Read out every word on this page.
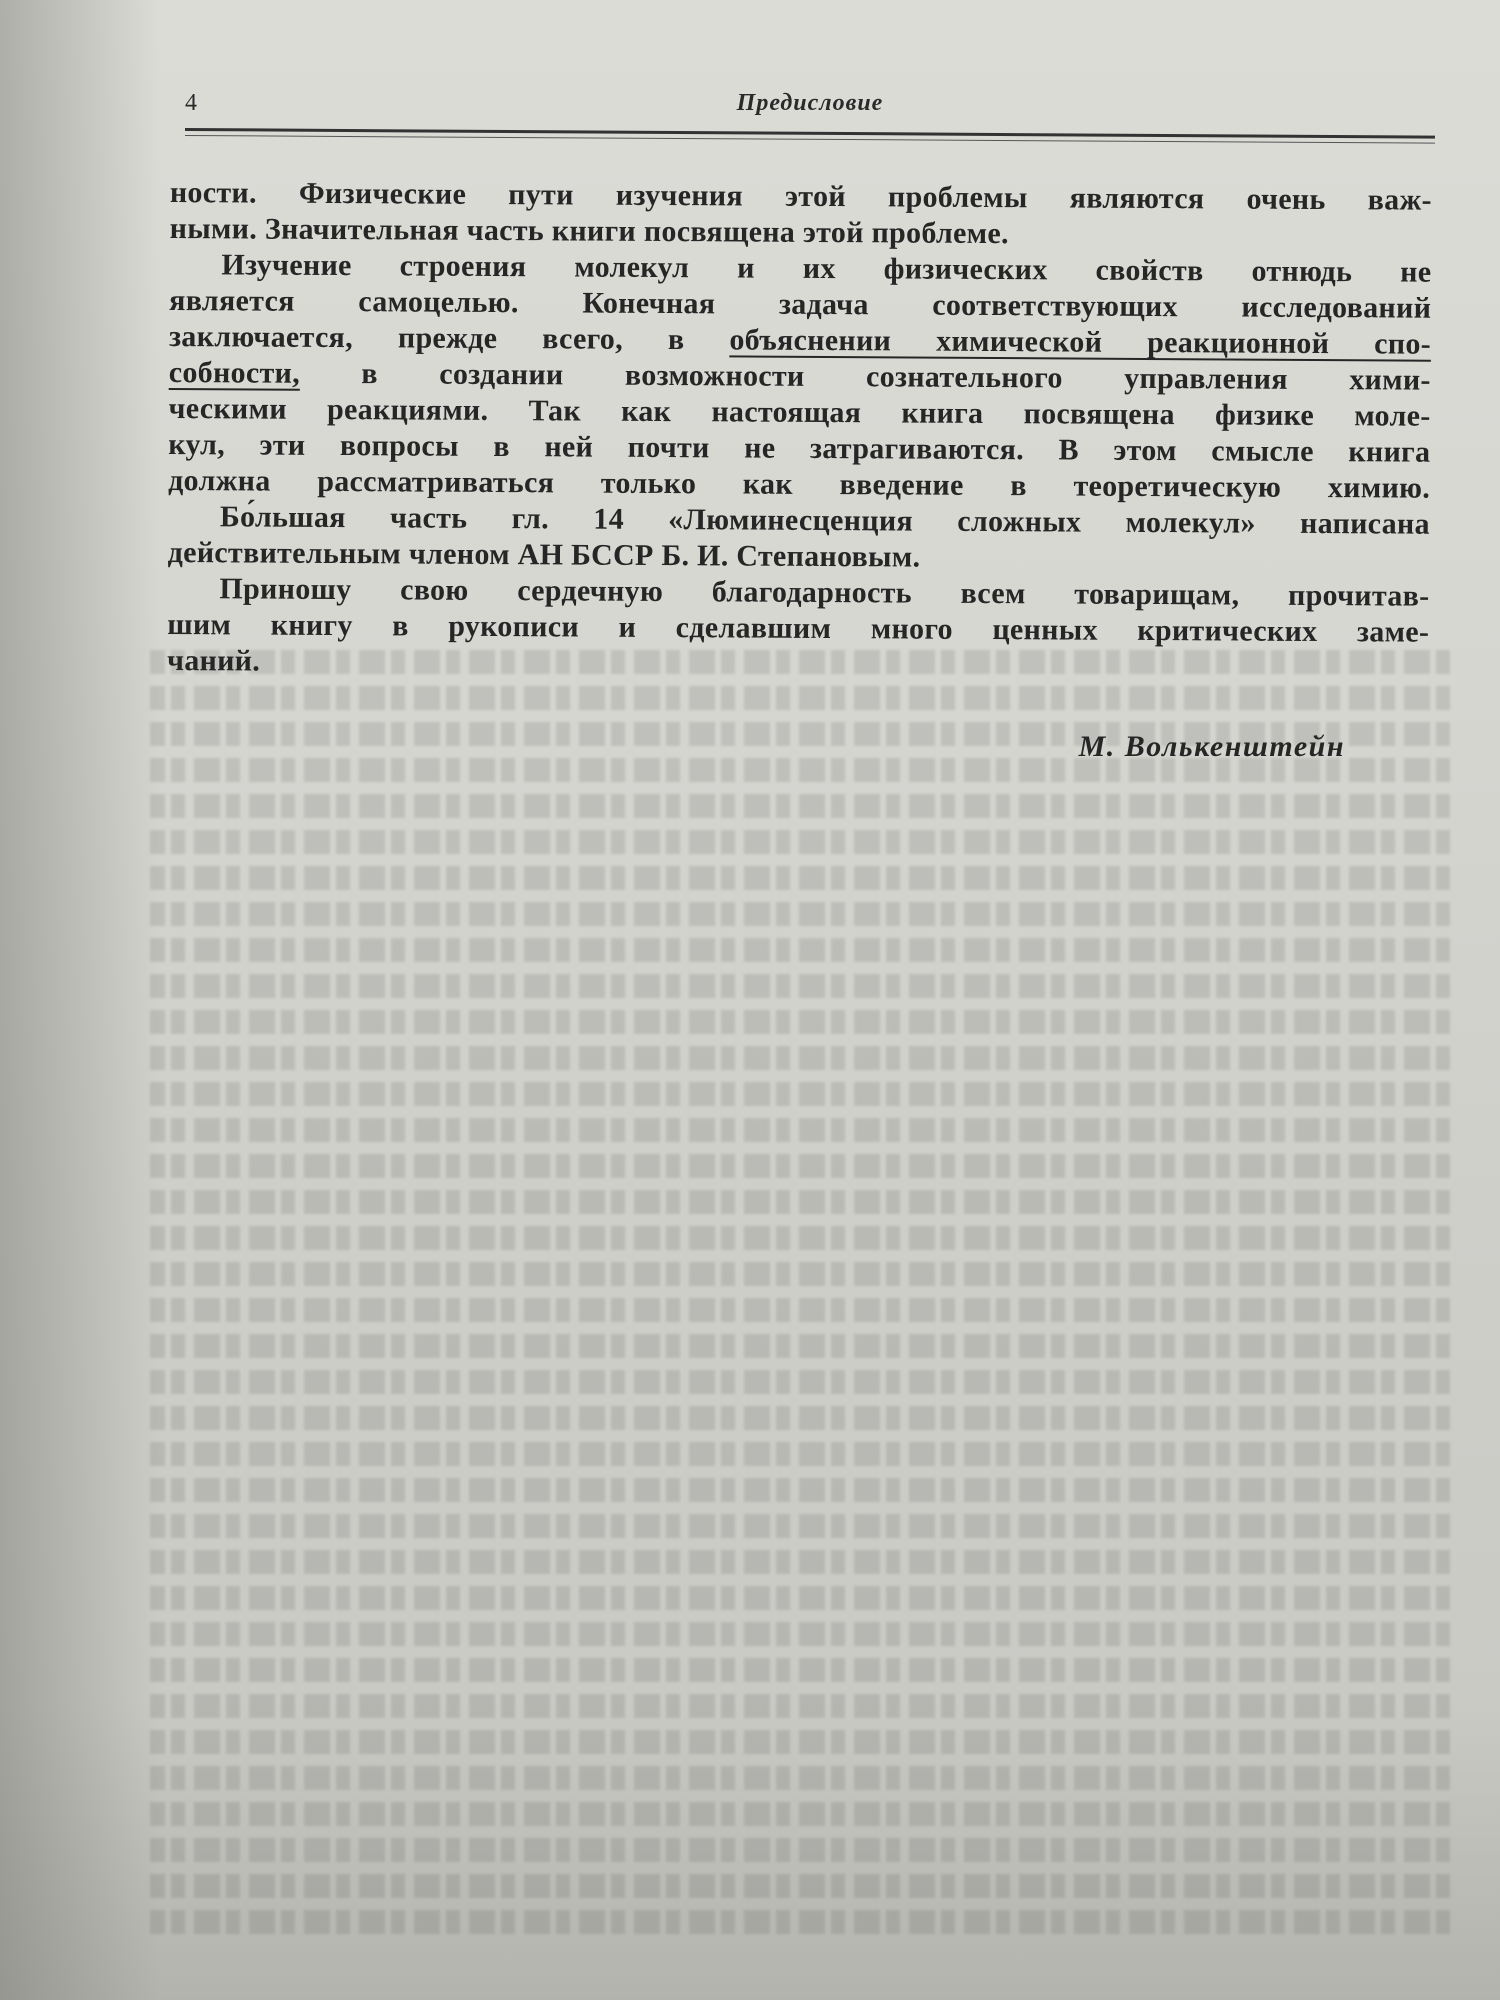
4	Предисловие
ности. Физические пути изучения этой проблемы являются очень важ-
ными. Значительная часть книги посвящена этой проблеме.
Изучение строения молекул и их физических свойств отнюдь не
является самоцелью. Конечная задача соответствующих исследований
заключается, прежде всего, в объяснении химической реакционной спо-
собности, в создании возможности сознательного управления хими-
ческими реакциями. Так как настоящая книга посвящена физике моле-
кул, эти вопросы в ней почти не затрагиваются. В этом смысле книга
должна рассматриваться только как введение в теоретическую химию.
Бо́льшая часть гл. 14 «Люминесценция сложных молекул» написана
действительным членом АН БССР Б. И. Степановым.
Приношу свою сердечную благодарность всем товарищам, прочитав-
шим книгу в рукописи и сделавшим много ценных критических заме-
чаний.
М. Волькенштейн
